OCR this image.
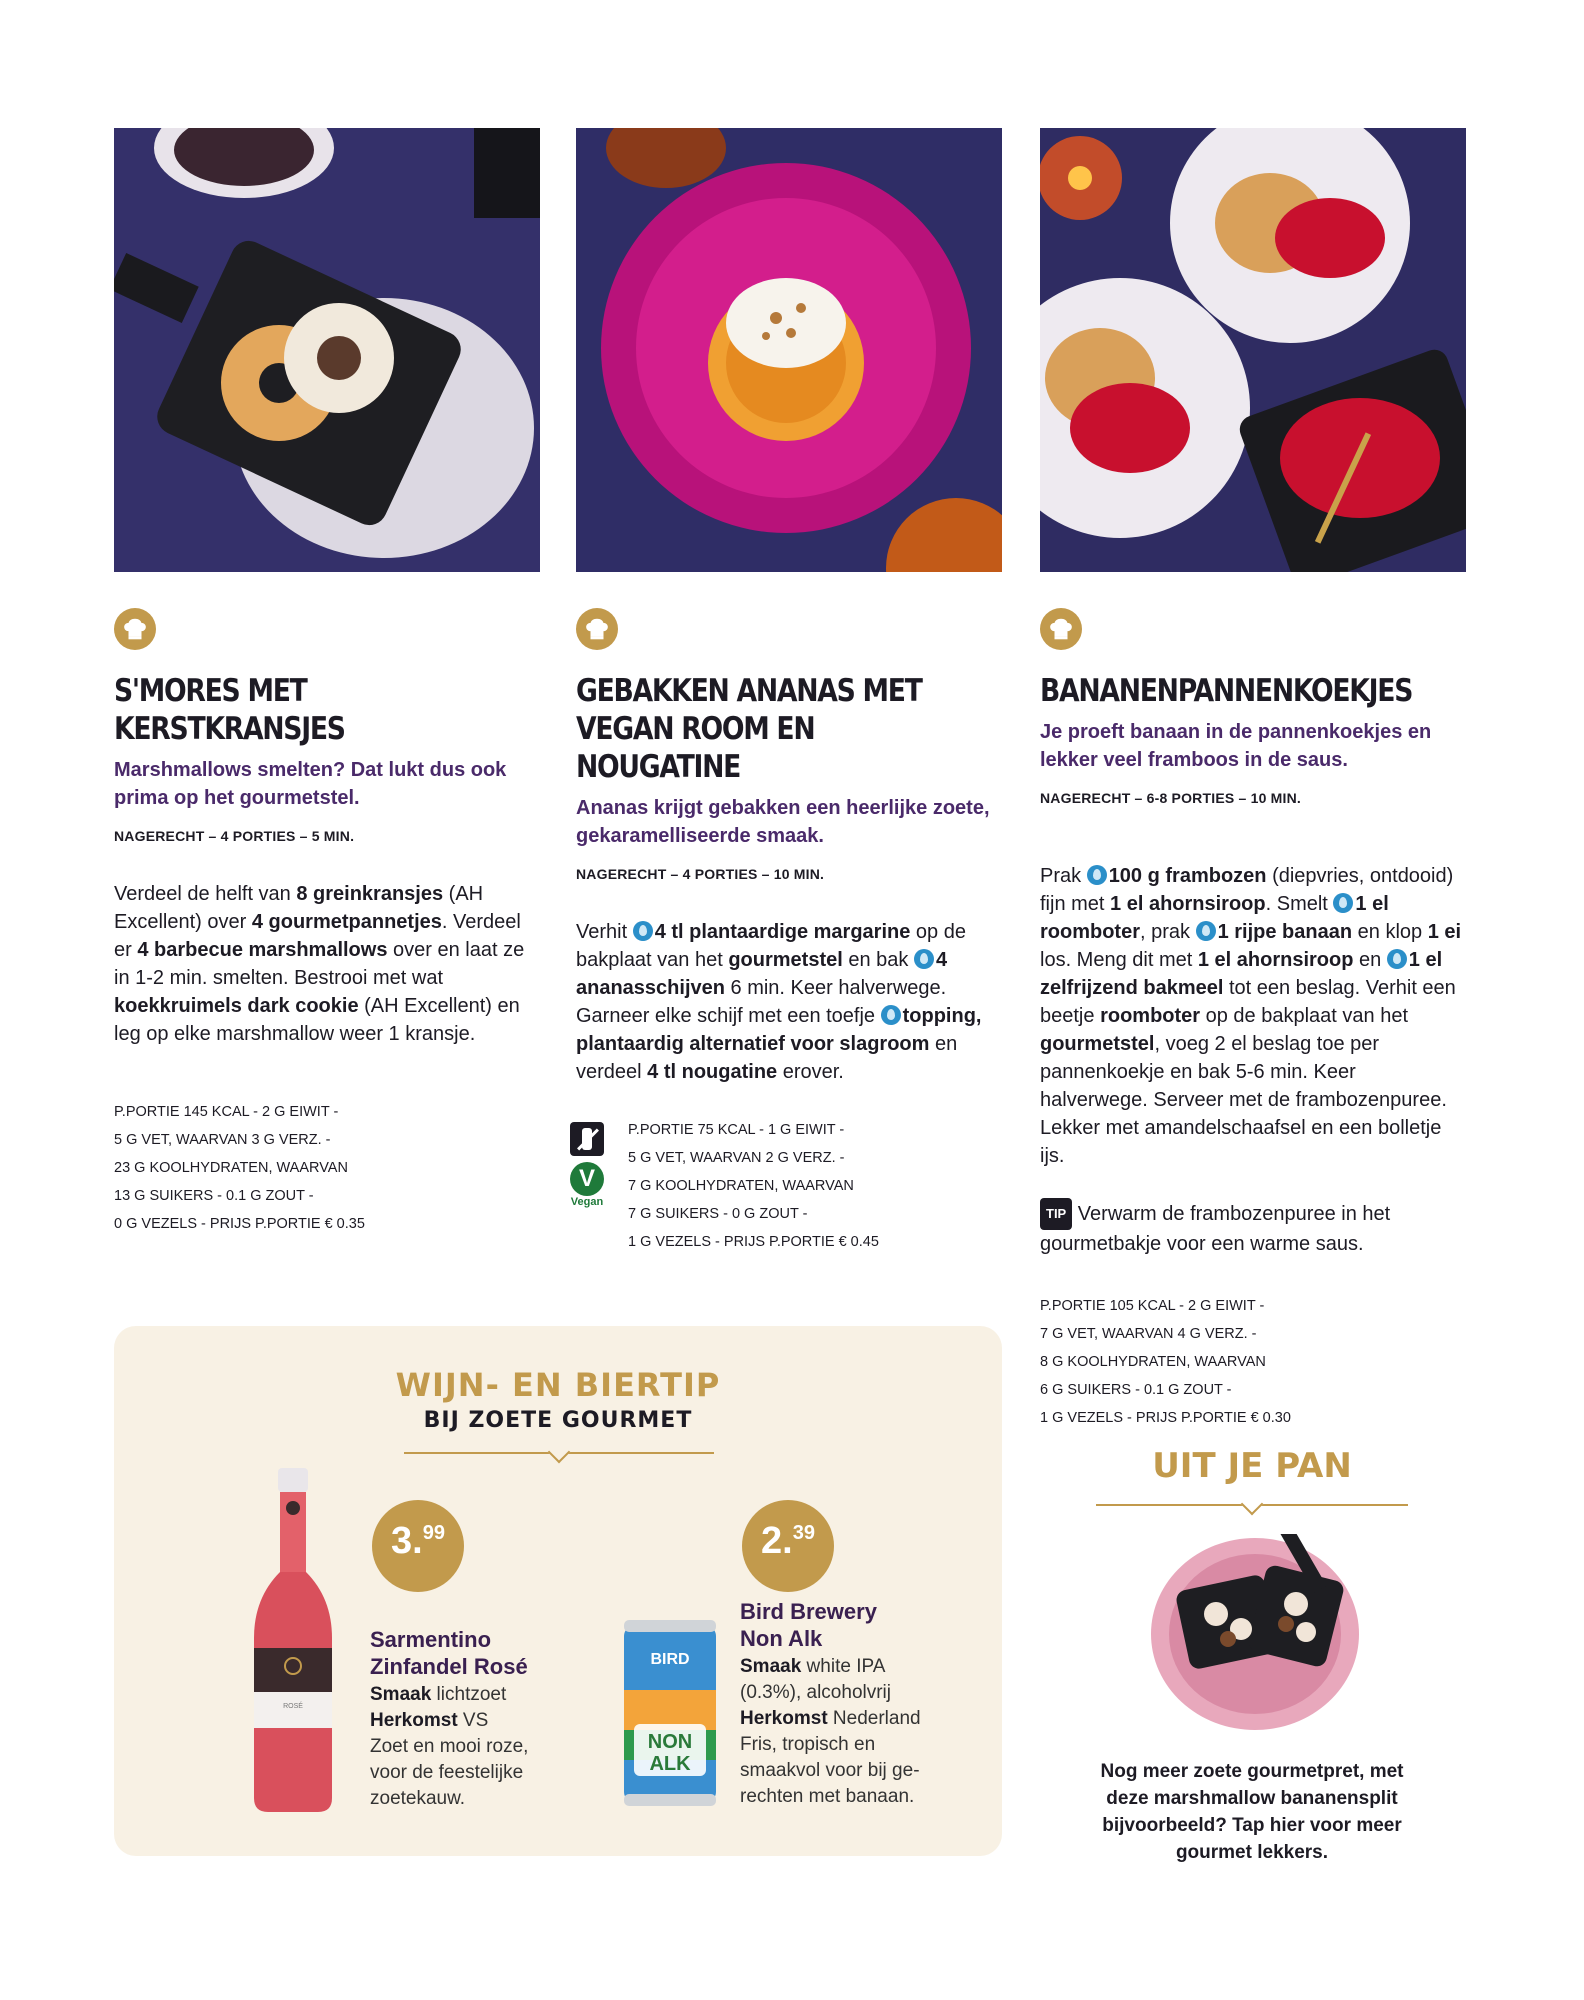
S'MORES MET KERSTKRANSJES
Marshmallows smelten? Dat lukt dus ook prima op het gourmetstel.
NAGERECHT – 4 PORTIES – 5 MIN.
Verdeel de helft van 8 greinkransjes (AH Excellent) over 4 gourmetpannetjes. Verdeel er 4 barbecue marshmallows over en laat ze in 1-2 min. smelten. Bestrooi met wat koekkruimels dark cookie (AH Excellent) en leg op elke marshmallow weer 1 kransje.
P.PORTIE 145 KCAL - 2 G EIWIT -
5 G VET, WAARVAN 3 G VERZ. -
23 G KOOLHYDRATEN, WAARVAN
13 G SUIKERS - 0.1 G ZOUT -
0 G VEZELS - PRIJS P.PORTIE € 0.35
GEBAKKEN ANANAS MET VEGAN ROOM EN NOUGATINE
Ananas krijgt gebakken een heerlijke zoete, gekaramelliseerde smaak.
NAGERECHT – 4 PORTIES – 10 MIN.
Verhit 4 tl plantaardige margarine op de bakplaat van het gourmetstel en bak 4 ananasschijven 6 min. Keer halverwege. Garneer elke schijf met een toefje topping, plantaardig alternatief voor slagroom en verdeel 4 tl nougatine erover.
V
Vegan
P.PORTIE 75 KCAL - 1 G EIWIT -
5 G VET, WAARVAN 2 G VERZ. -
7 G KOOLHYDRATEN, WAARVAN
7 G SUIKERS - 0 G ZOUT -
1 G VEZELS - PRIJS P.PORTIE € 0.45
BANANENPANNENKOEKJES
Je proeft banaan in de pannenkoekjes en lekker veel framboos in de saus.
NAGERECHT – 6-8 PORTIES – 10 MIN.
Prak 100 g frambozen (diepvries, ontdooid) fijn met 1 el ahornsiroop. Smelt 1 el roomboter, prak 1 rijpe banaan en klop 1 ei los. Meng dit met 1 el ahornsiroop en 1 el zelfrijzend bakmeel tot een beslag. Verhit een beetje roomboter op de bakplaat van het gourmetstel, voeg 2 el beslag toe per pannenkoekje en bak 5-6 min. Keer halverwege. Serveer met de frambozenpuree. Lekker met amandelschaafsel en een bolletje ijs.
TIP Verwarm de frambozenpuree in het gourmetbakje voor een warme saus.
P.PORTIE 105 KCAL - 2 G EIWIT -
7 G VET, WAARVAN 4 G VERZ. -
8 G KOOLHYDRATEN, WAARVAN
6 G SUIKERS - 0.1 G ZOUT -
1 G VEZELS - PRIJS P.PORTIE € 0.30
WIJN- EN BIERTIP
BIJ ZOETE GOURMET
ROSÉ
3. 99
Sarmentino
Zinfandel Rosé
Smaak lichtzoet
Herkomst VS
Zoet en mooi roze,
voor de feestelijke
zoetekauw.
BIRD
NON
ALK
2. 39
Bird Brewery
Non Alk
Smaak white IPA
(0.3%), alcoholvrij
Herkomst Nederland
Fris, tropisch en
smaakvol voor bij ge-
rechten met banaan.
UIT JE PAN
Nog meer zoete gourmetpret, met
deze marshmallow bananensplit
bijvoorbeeld? Tap hier voor meer
gourmet lekkers.
